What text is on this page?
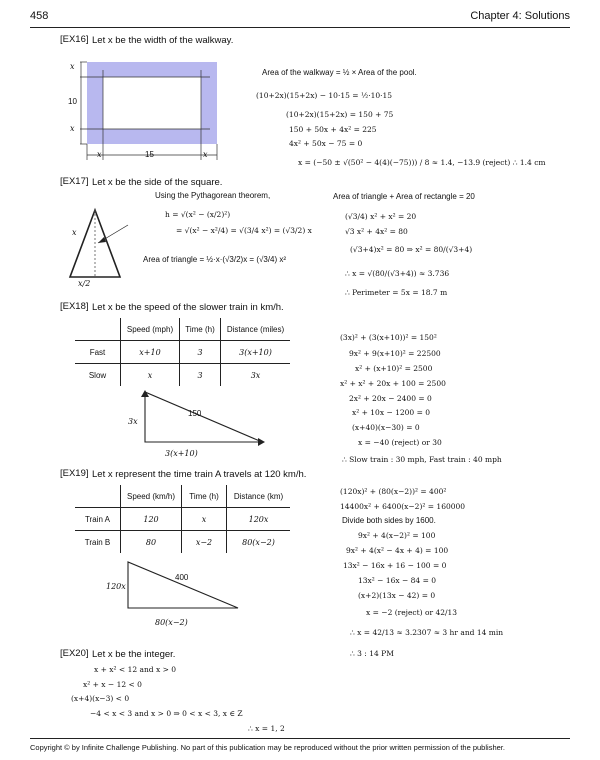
458	Chapter 4: Solutions
[EX16] Let x be the width of the walkway.
x
10
x
x	15	x
Area of the walkway = ½ × Area of the pool.
(10+2x)(15+2x) − 10·15 = ½·10·15
(10+2x)(15+2x) = 150 + 75
150 + 50x + 4x² = 225
4x² + 50x − 75 = 0
x = (−50 ± √(50² − 4(4)(−75))) / 8 ≈ 1.4, −13.9 (reject) ∴ 1.4 cm
[EX17] Let x be the side of the square.
x
x/2
Using the Pythagorean theorem,
h = √(x² − (x/2)²)
= √(x² − x²/4) = √(3/4 x²) = (√3/2) x
Area of triangle = ½·x·(√3/2)x = (√3/4) x²
Area of triangle + Area of rectangle = 20
(√3/4) x² + x² = 20
√3 x² + 4x² = 80
(√3+4)x² = 80 ⇒ x² = 80/(√3+4)
∴ x = √(80/(√3+4)) ≈ 3.736
∴ Perimeter = 5x = 18.7 m
[EX18] Let x be the speed of the slower train in km/h.
	Speed (mph)	Time (h)	Distance (miles)
Fast	x+10	3	3(x+10)
Slow	x	3	3x
3x
150
3(x+10)
(3x)² + (3(x+10))² = 150²
9x² + 9(x+10)² = 22500
x² + (x+10)² = 2500
x² + x² + 20x + 100 = 2500
2x² + 20x − 2400 = 0
x² + 10x − 1200 = 0
(x+40)(x−30) = 0
x = −40 (reject) or 30
∴ Slow train : 30 mph, Fast train : 40 mph
[EX19] Let x represent the time train A travels at 120 km/h.
	Speed (km/h)	Time (h)	Distance (km)
Train A	120	x	120x
Train B	80	x−2	80(x−2)
120x
400
80(x−2)
(120x)² + (80(x−2))² = 400²
14400x² + 6400(x−2)² = 160000
Divide both sides by 1600.
9x² + 4(x−2)² = 100
9x² + 4(x² − 4x + 4) = 100
13x² − 16x + 16 − 100 = 0
13x² − 16x − 84 = 0
(x+2)(13x − 42) = 0
x = −2 (reject) or 42/13
∴ x = 42/13 ≈ 3.2307 ≈ 3 hr and 14 min
∴ 3 : 14 PM
[EX20] Let x be the integer.
x + x² < 12 and x > 0
x² + x − 12 < 0
(x+4)(x−3) < 0
−4 < x < 3 and x > 0 ⇒ 0 < x < 3, x ∈ Z
∴ x = 1, 2
Copyright © by Infinite Challenge Publishing. No part of this publication may be reproduced without the prior written permission of the publisher.
